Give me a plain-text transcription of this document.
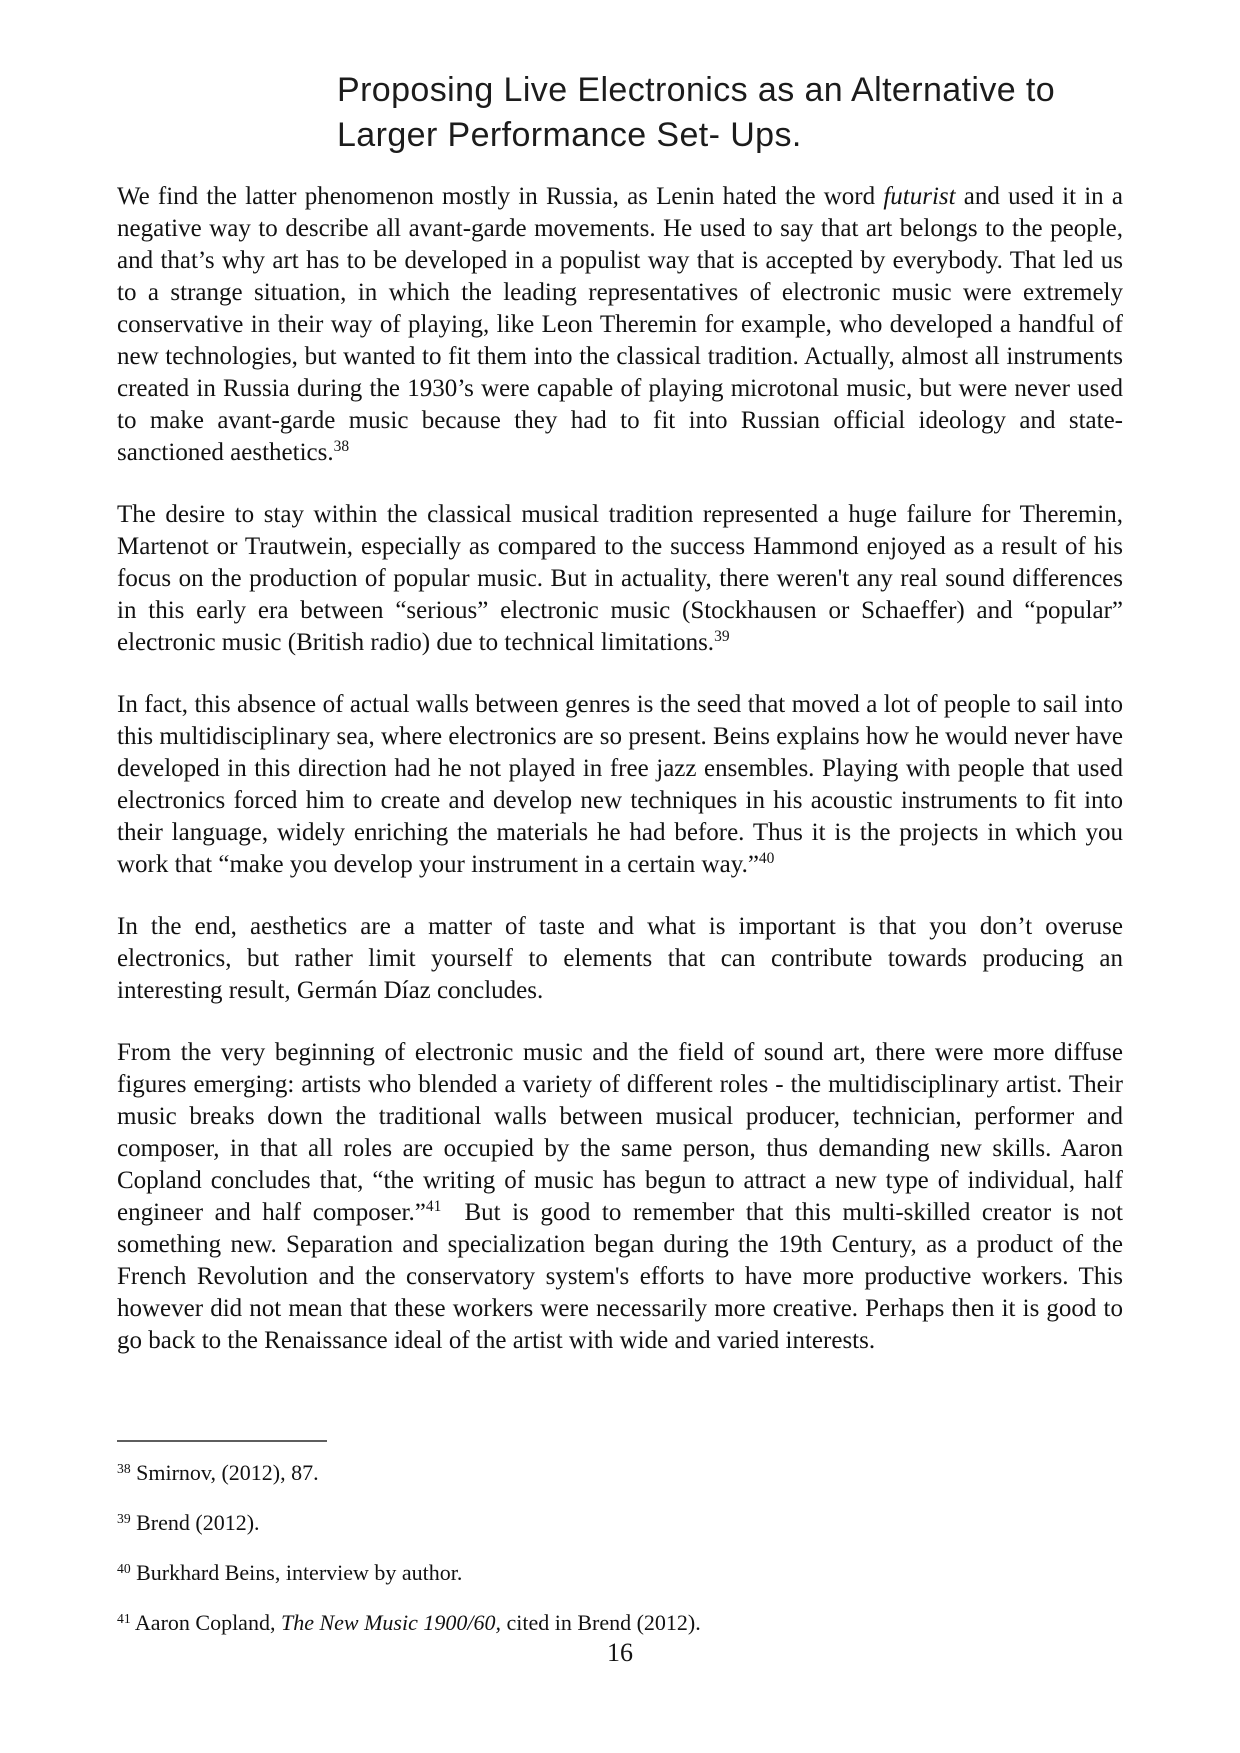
Proposing Live Electronics as an Alternative to
Larger Performance Set- Ups.

We find the latter phenomenon mostly in Russia, as Lenin hated the word futurist and used it in a negative way to describe all avant-garde movements. He used to say that art belongs to the people, and that’s why art has to be developed in a populist way that is accepted by everybody. That led us to a strange situation, in which the leading representatives of electronic music were extremely conservative in their way of playing, like Leon Theremin for example, who developed a handful of new technologies, but wanted to fit them into the classical tradition. Actually, almost all instruments created in Russia during the 1930’s were capable of playing microtonal music, but were never used to make avant-garde music because they had to fit into Russian official ideology and state-sanctioned aesthetics.$^{38}$

The desire to stay within the classical musical tradition represented a huge failure for Theremin, Martenot or Trautwein, especially as compared to the success Hammond enjoyed as a result of his focus on the production of popular music. But in actuality, there weren't any real sound differences in this early era between “serious” electronic music (Stockhausen or Schaeffer) and “popular” electronic music (British radio) due to technical limitations.$^{39}$

In fact, this absence of actual walls between genres is the seed that moved a lot of people to sail into this multidisciplinary sea, where electronics are so present. Beins explains how he would never have developed in this direction had he not played in free jazz ensembles. Playing with people that used electronics forced him to create and develop new techniques in his acoustic instruments to fit into their language, widely enriching the materials he had before. Thus it is the projects in which you work that “make you develop your instrument in a certain way.”$^{40}$

In the end, aesthetics are a matter of taste and what is important is that you don’t overuse electronics, but rather limit yourself to elements that can contribute towards producing an interesting result, Germán Díaz concludes.

From the very beginning of electronic music and the field of sound art, there were more diffuse figures emerging: artists who blended a variety of different roles - the multidisciplinary artist. Their music breaks down the traditional walls between musical producer, technician, performer and composer, in that all roles are occupied by the same person, thus demanding new skills. Aaron Copland concludes that, “the writing of music has begun to attract a new type of individual, half engineer and half composer.”$^{41}$  But is good to remember that this multi-skilled creator is not something new. Separation and specialization began during the 19th Century, as a product of the French Revolution and the conservatory system's efforts to have more productive workers. This however did not mean that these workers were necessarily more creative. Perhaps then it is good to go back to the Renaissance ideal of the artist with wide and varied interests.

$^{38}$ Smirnov, (2012), 87.
$^{39}$ Brend (2012).
$^{40}$ Burkhard Beins, interview by author.
$^{41}$ Aaron Copland, The New Music 1900/60, cited in Brend (2012).
16
